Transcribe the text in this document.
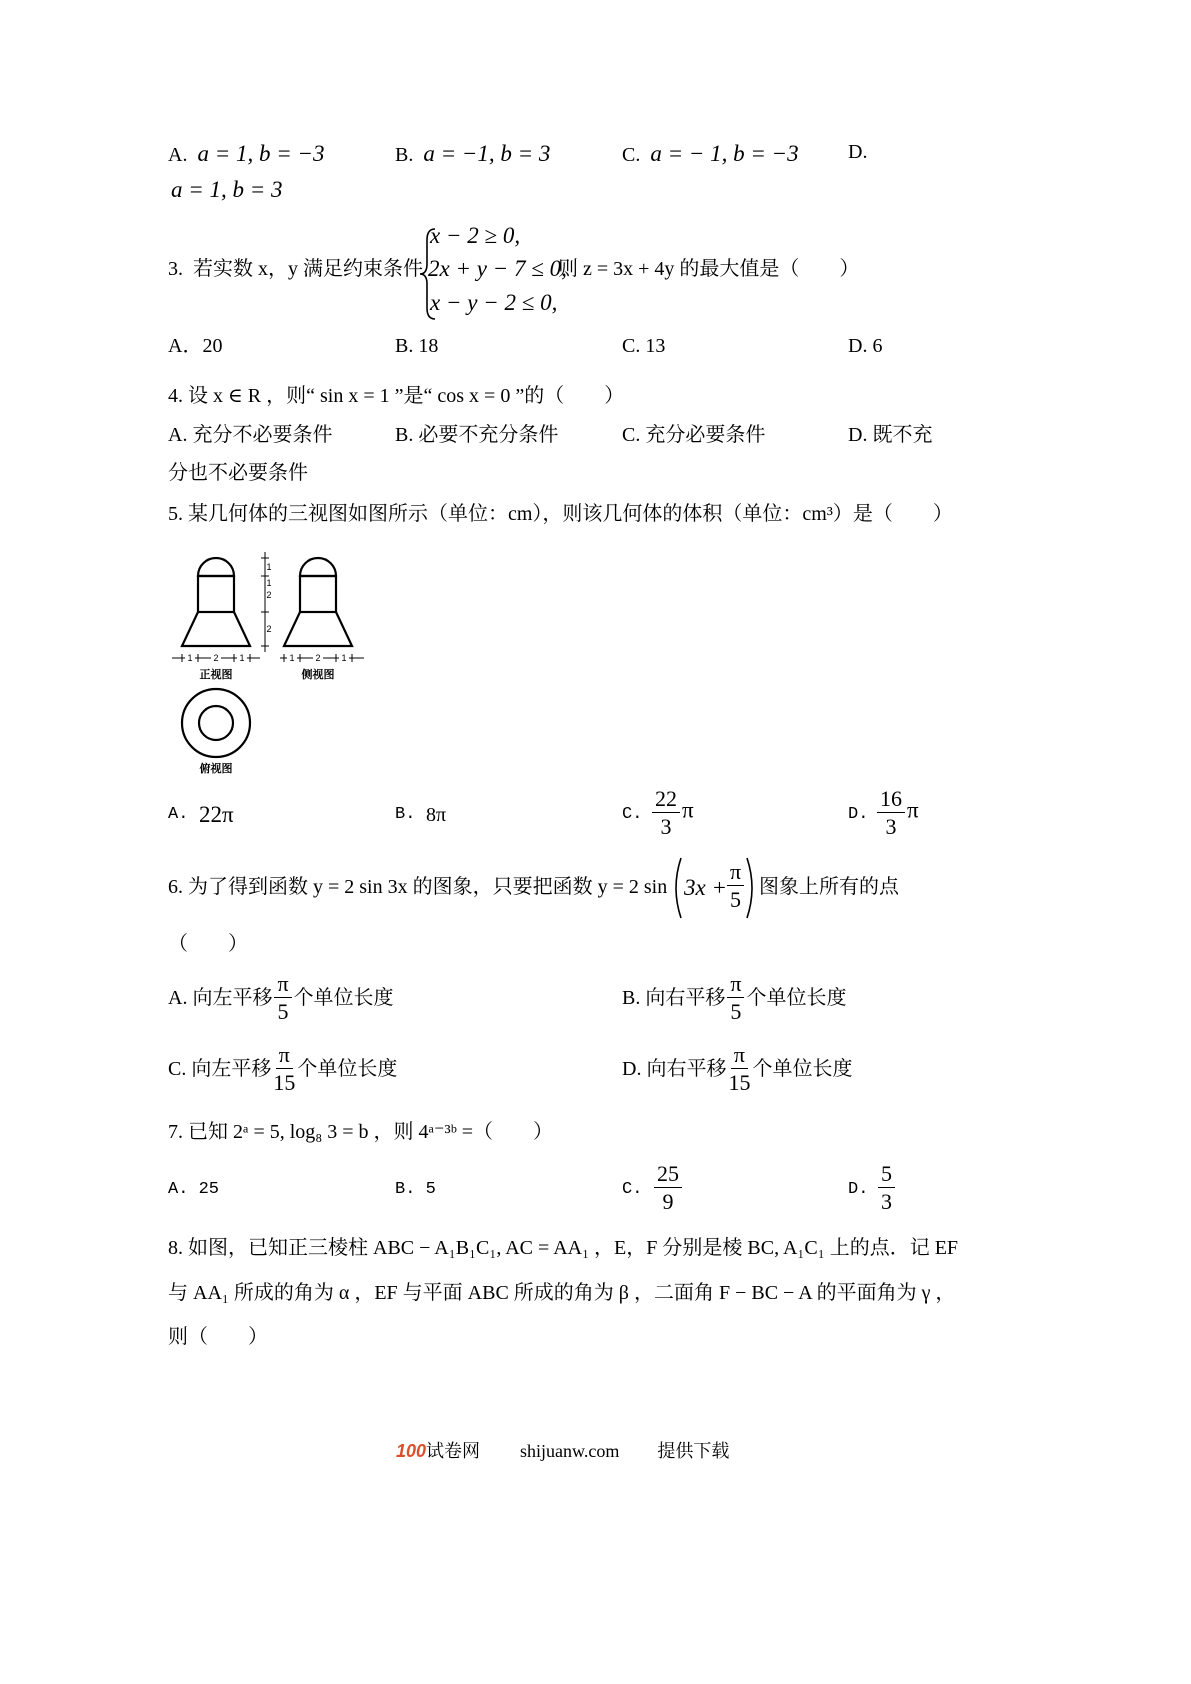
A. a = 1, b = −3	B. a = −1, b = 3	C. a = − 1, b = −3 D.
a = 1, b = 3
3. 若实数 x，y 满足约束条件
x − 2 ≥ 0,
2x + y − 7 ≤ 0,
x − y − 2 ≤ 0,
则 z = 3x + 4y 的最大值是（　　）
A．20	B. 18	C. 13	D. 6
4. 设 x ∈ R ，则“ sin x = 1 ”是“ cos x = 0 ”的（　　）
A. 充分不必要条件	B. 必要不充分条件	C. 充分必要条件	D. 既不充
分也不必要条件
5. 某几何体的三视图如图所示（单位：cm），则该几何体的体积（单位：cm³）是（　　）
1
1
2
2
1 2 1	1 2 1
正视图	侧视图
俯视图
A. 22π	B. 8π	C. $\frac{22}{3}$ π	D. $\frac{16}{3}$ π
6. 为了得到函数 y = 2 sin 3x 的图象，只要把函数 y = 2 $\sin 3x + \frac{\pi}{5}$ 图象上所有的点
（　　）
A. 向左平移 $\frac{\pi}{5}$ 个单位长度	B. 向右平移 $\frac{\pi}{5}$ 个单位长度
C. 向左平移 $\frac{\pi}{15}$ 个单位长度	D. 向右平移 $\frac{\pi}{15}$ 个单位长度
7. 已知 2ᵃ = 5, log₈ 3 = b ，则 4ᵃ⁻³ᵇ =（　　）
A. 25	B. 5	C. $\frac{25}{9}$	D. $\frac{5}{3}$
8. 如图，已知正三棱柱 ABC − A₁B₁C₁, AC = AA₁ ，E，F 分别是棱 BC, A₁C₁ 上的点．记 EF
与 AA₁ 所成的角为 α ，EF 与平面 ABC 所成的角为 β ，二面角 F − BC − A 的平面角为 γ ，
则（　　）
100 试卷网 shijuanw.com 提供下载
